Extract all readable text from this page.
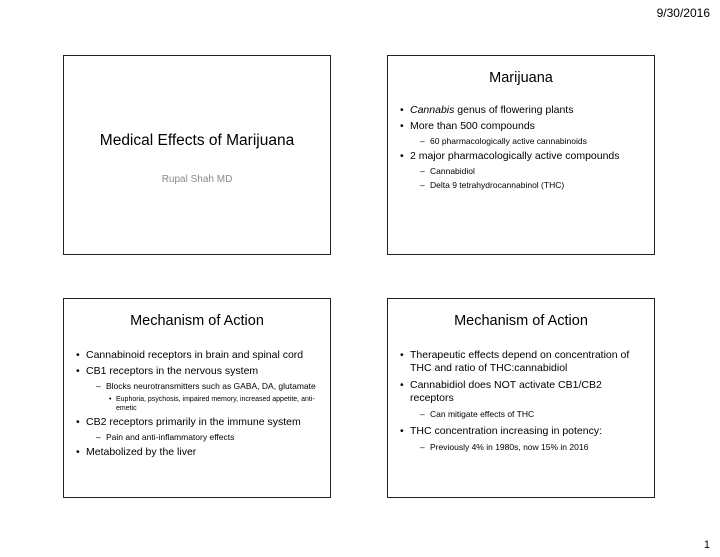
9/30/2016
Medical Effects of Marijuana
Rupal Shah MD
Marijuana
• Cannabis genus of flowering plants
• More than 500 compounds
– 60 pharmacologically active cannabinoids
• 2 major pharmacologically active compounds
– Cannabidiol
– Delta 9 tetrahydrocannabinol (THC)
Mechanism of Action
• Cannabinoid receptors in brain and spinal cord
• CB1 receptors in the nervous system
– Blocks neurotransmitters such as GABA, DA, glutamate
• Euphoria, psychosis, impaired memory, increased appetite, anti-emetic
• CB2 receptors primarily in the immune system
– Pain and anti-inflammatory effects
• Metabolized by the liver
Mechanism of Action
• Therapeutic effects depend on concentration of THC and ratio of THC:cannabidiol
• Cannabidiol does NOT activate CB1/CB2 receptors
– Can mitigate effects of THC
• THC concentration increasing in potency:
– Previously 4% in 1980s, now 15% in 2016
1
